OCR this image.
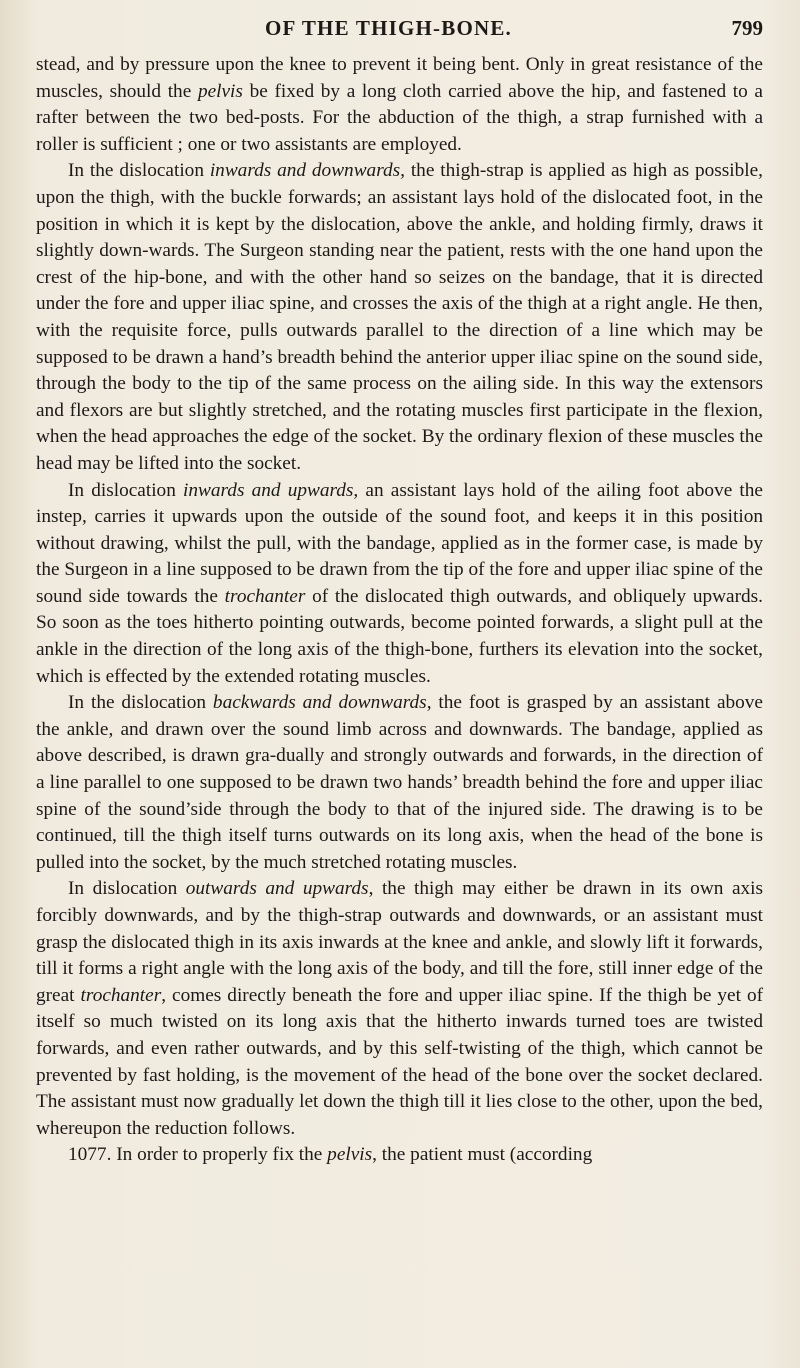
OF THE THIGH-BONE.	799

stead, and by pressure upon the knee to prevent it being bent. Only in great resistance of the muscles, should the pelvis be fixed by a long cloth carried above the hip, and fastened to a rafter between the two bed-posts. For the abduction of the thigh, a strap furnished with a roller is sufficient ; one or two assistants are employed.

In the dislocation inwards and downwards, the thigh-strap is applied as high as possible, upon the thigh, with the buckle forwards; an assistant lays hold of the dislocated foot, in the position in which it is kept by the dislocation, above the ankle, and holding firmly, draws it slightly down-wards. The Surgeon standing near the patient, rests with the one hand upon the crest of the hip-bone, and with the other hand so seizes on the bandage, that it is directed under the fore and upper iliac spine, and crosses the axis of the thigh at a right angle. He then, with the requisite force, pulls outwards parallel to the direction of a line which may be supposed to be drawn a hand’s breadth behind the anterior upper iliac spine on the sound side, through the body to the tip of the same process on the ailing side. In this way the extensors and flexors are but slightly stretched, and the rotating muscles first participate in the flexion, when the head approaches the edge of the socket. By the ordinary flexion of these muscles the head may be lifted into the socket.

In dislocation inwards and upwards, an assistant lays hold of the ailing foot above the instep, carries it upwards upon the outside of the sound foot, and keeps it in this position without drawing, whilst the pull, with the bandage, applied as in the former case, is made by the Surgeon in a line supposed to be drawn from the tip of the fore and upper iliac spine of the sound side towards the trochanter of the dislocated thigh outwards, and obliquely upwards. So soon as the toes hitherto pointing outwards, become pointed forwards, a slight pull at the ankle in the direction of the long axis of the thigh-bone, furthers its elevation into the socket, which is effected by the extended rotating muscles.

In the dislocation backwards and downwards, the foot is grasped by an assistant above the ankle, and drawn over the sound limb across and downwards. The bandage, applied as above described, is drawn gra-dually and strongly outwards and forwards, in the direction of a line parallel to one supposed to be drawn two hands’ breadth behind the fore and upper iliac spine of the sound’side through the body to that of the injured side. The drawing is to be continued, till the thigh itself turns outwards on its long axis, when the head of the bone is pulled into the socket, by the much stretched rotating muscles.

In dislocation outwards and upwards, the thigh may either be drawn in its own axis forcibly downwards, and by the thigh-strap outwards and downwards, or an assistant must grasp the dislocated thigh in its axis inwards at the knee and ankle, and slowly lift it forwards, till it forms a right angle with the long axis of the body, and till the fore, still inner edge of the great trochanter, comes directly beneath the fore and upper iliac spine. If the thigh be yet of itself so much twisted on its long axis that the hitherto inwards turned toes are twisted forwards, and even rather outwards, and by this self-twisting of the thigh, which cannot be prevented by fast holding, is the movement of the head of the bone over the socket declared. The assistant must now gradually let down the thigh till it lies close to the other, upon the bed, whereupon the reduction follows.

1077. In order to properly fix the pelvis, the patient must (according
